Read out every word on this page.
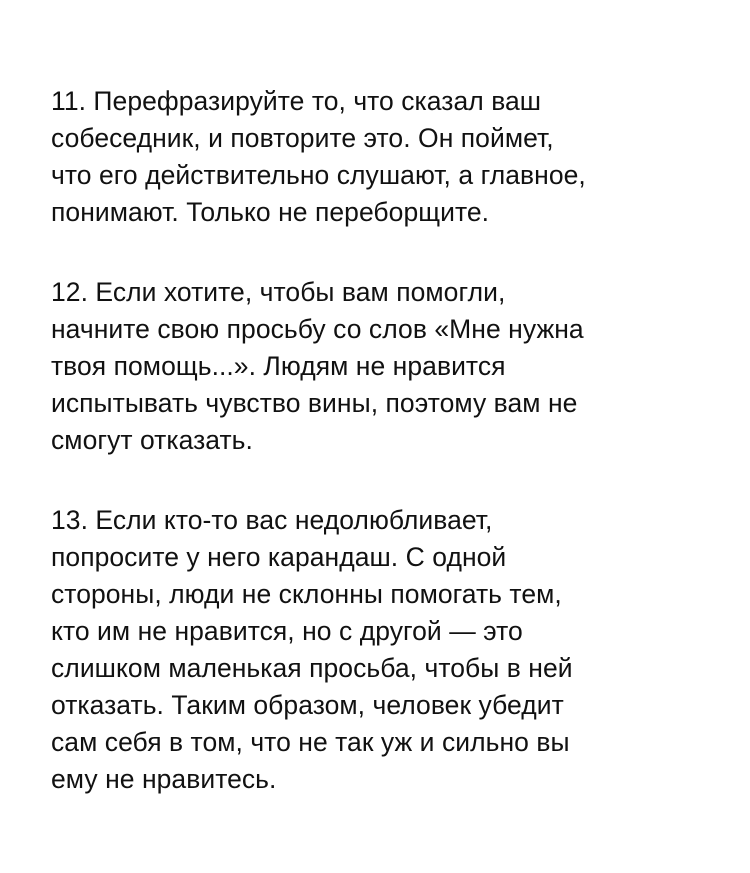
11. Перефразируйте то, что сказал ваш
собеседник, и повторите это. Он поймет,
что его действительно слушают, а главное,
понимают. Только не переборщите.
12. Если хотите, чтобы вам помогли,
начните свою просьбу со слов «Мне нужна
твоя помощь...». Людям не нравится
испытывать чувство вины, поэтому вам не
смогут отказать.
13. Если кто-то вас недолюбливает,
попросите у него карандаш. С одной
стороны, люди не склонны помогать тем,
кто им не нравится, но с другой — это
слишком маленькая просьба, чтобы в ней
отказать. Таким образом, человек убедит
сам себя в том, что не так уж и сильно вы
ему не нравитесь.
